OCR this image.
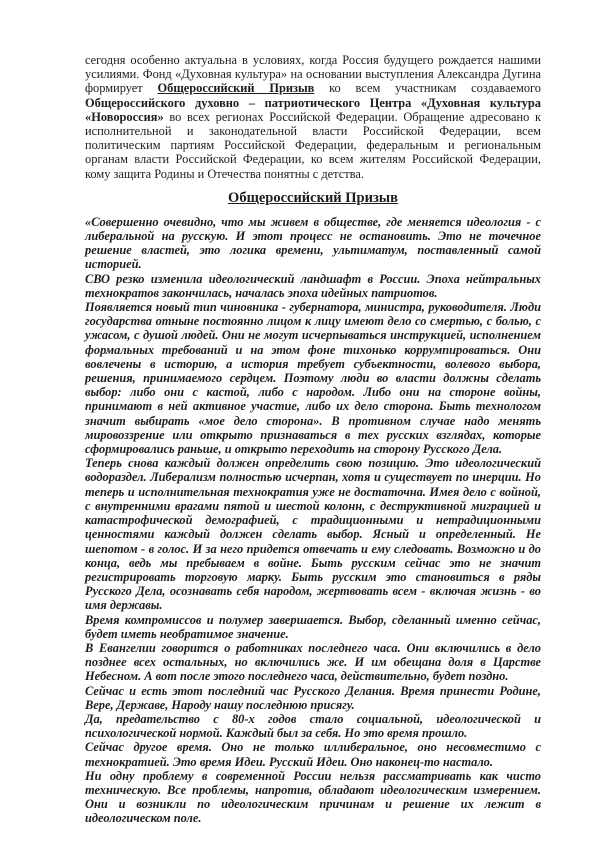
сегодня особенно актуальна в условиях, когда Россия будущего рождается нашими усилиями. Фонд «Духовная культура» на основании выступления Александра Дугина формирует Общероссийский Призыв ко всем участникам создаваемого Общероссийского духовно – патриотического Центра «Духовная культура «Новороссия» во всех регионах Российской Федерации. Обращение адресовано к исполнительной и законодательной власти Российской Федерации, всем политическим партиям Российской Федерации, федеральным и региональным органам власти Российской Федерации, ко всем жителям Российской Федерации, кому защита Родины и Отечества понятны с детства.

Общероссийский Призыв

«Совершенно очевидно, что мы живем в обществе, где меняется идеология - с либеральной на русскую. И этот процесс не остановить. Это не точечное решение властей, это логика времени, ультиматум, поставленный самой историей.

СВО резко изменила идеологический ландшафт в России. Эпоха нейтральных технократов закончилась, началась эпоха идейных патриотов.

Появляется новый тип чиновника - губернатора, министра, руководителя. Люди государства отныне постоянно лицом к лицу имеют дело со смертью, с болью, с ужасом, с душой людей. Они не могут исчерпываться инструкцией, исполнением формальных требований и на этом фоне тихонько коррумпироваться. Они вовлечены в историю, а история требует субъектности, волевого выбора, решения, принимаемого сердцем. Поэтому люди во власти должны сделать выбор: либо они с кастой, либо с народом. Либо они на стороне войны, принимают в ней активное участие, либо их дело сторона. Быть технологом значит выбирать «мое дело сторона». В противном случае надо менять мировоззрение или открыто признаваться в тех русских взглядах, которые сформировались раньше, и открыто переходить на сторону Русского Дела.

Теперь снова каждый должен определить свою позицию. Это идеологический водораздел. Либерализм полностью исчерпан, хотя и существует по инерции. Но теперь и исполнительная технократия уже не достаточна. Имея дело с войной, с внутренними врагами пятой и шестой колонн, с деструктивной миграцией и катастрофической демографией, с традиционными и нетрадиционными ценностями каждый должен сделать выбор. Ясный и определенный. Не шепотом - в голос. И за него придется отвечать и ему следовать. Возможно и до конца, ведь мы пребываем в войне. Быть русским сейчас это не значит регистрировать торговую марку. Быть русским это становиться в ряды Русского Дела, осознавать себя народом, жертвовать всем - включая жизнь - во имя державы.

Время компромиссов и полумер завершается. Выбор, сделанный именно сейчас, будет иметь необратимое значение.

В Евангелии говорится о работниках последнего часа. Они включились в дело позднее всех остальных, но включились же. И им обещана доля в Царстве Небесном. А вот после этого последнего часа, действительно, будет поздно.

Сейчас и есть этот последний час Русского Делания. Время принести Родине, Вере, Державе, Народу нашу последнюю присягу.

Да, предательство с 80-х годов стало социальной, идеологической и психологической нормой. Каждый был за себя. Но это время прошло.

Сейчас другое время. Оно не только иллиберальное, оно несовместимо с технократией. Это время Идеи. Русский Идеи. Оно наконец-то настало.

Ни одну проблему в современной России нельзя рассматривать как чисто техническую. Все проблемы, напротив, обладают идеологическим измерением. Они и возникли по идеологическим причинам и решение их лежит в идеологическом поле.
